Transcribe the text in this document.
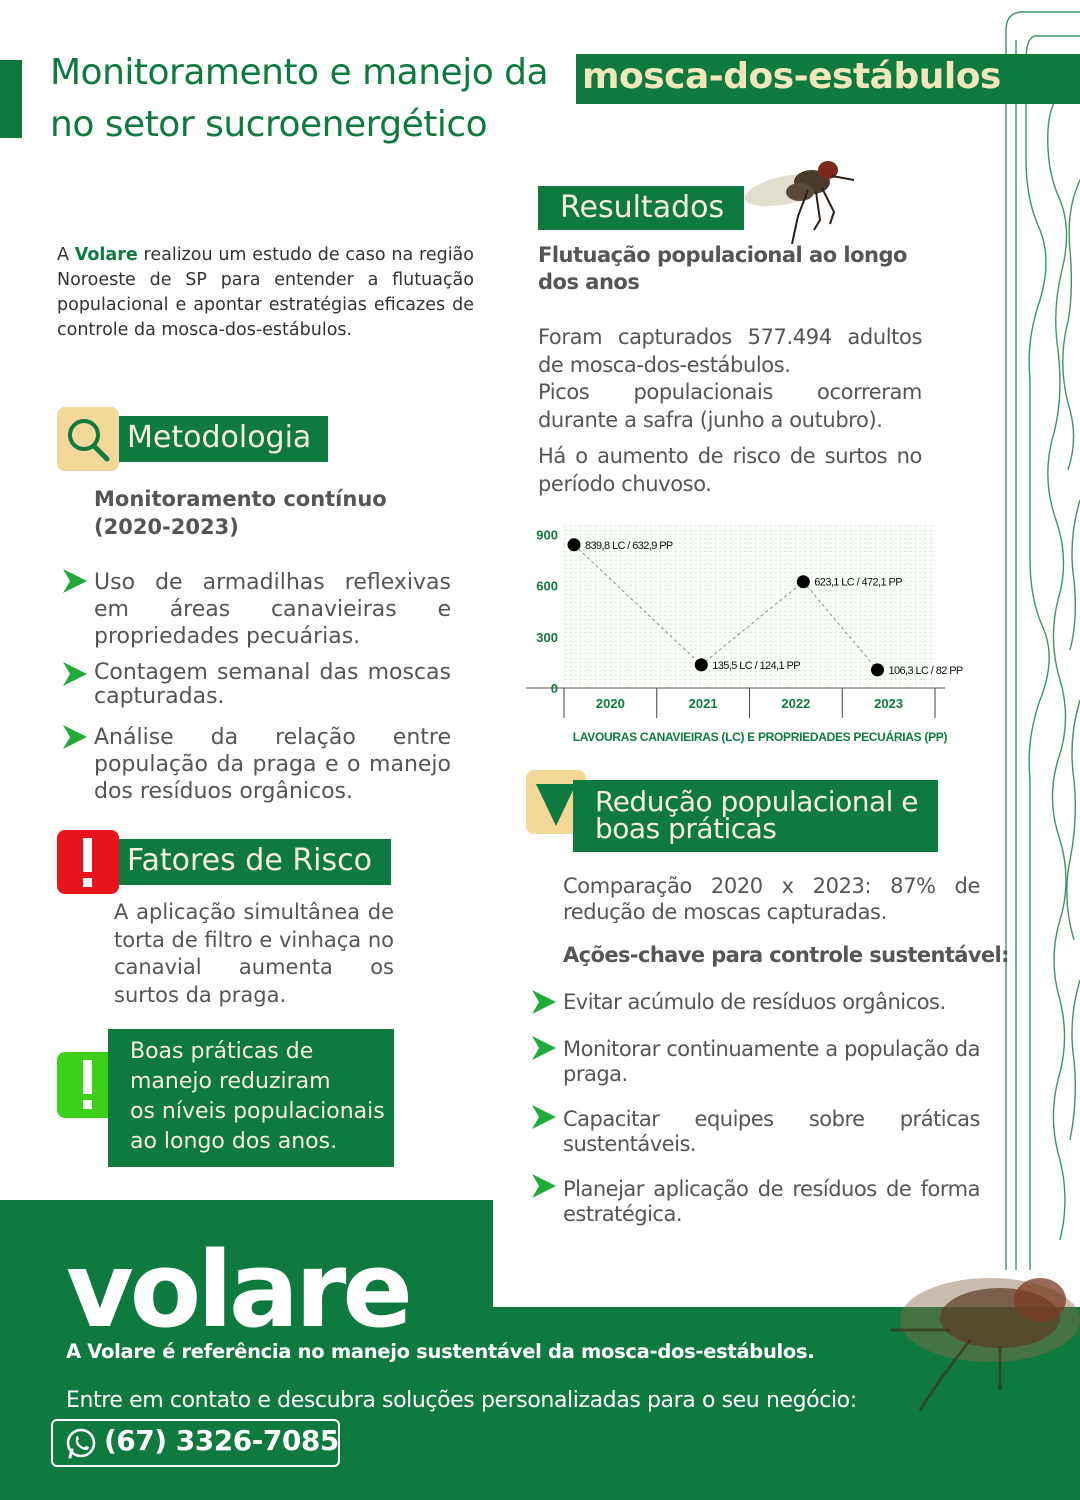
Monitoramento e manejo da mosca-dos-estábulos
no setor sucroenergético
A Volare realizou um estudo de caso na região Noroeste de SP para entender a flutuação populacional e apontar estratégias eficazes de controle da mosca-dos-estábulos.
Metodologia
Monitoramento contínuo (2020-2023)
Uso de armadilhas reflexivas em áreas canavieiras e propriedades pecuárias.
Contagem semanal das moscas capturadas.
Análise da relação entre população da praga e o manejo dos resíduos orgânicos.
Fatores de Risco
A aplicação simultânea de torta de filtro e vinhaça no canavial aumenta os surtos da praga.
Boas práticas de
manejo reduziram
os níveis populacionais
ao longo dos anos.
Resultados
Flutuação populacional ao longo dos anos
Foram capturados 577.494 adultos de mosca-dos-estábulos.
Picos populacionais ocorreram durante a safra (junho a outubro).
Há o aumento de risco de surtos no período chuvoso.
0
300
600
900
2020	2021	2022	2023
839,8 LC / 632,9 PP
135,5 LC / 124,1 PP
623,1 LC / 472,1 PP
106,3 LC / 82 PP
LAVOURAS CANAVIEIRAS (LC) E PROPRIEDADES PECUÁRIAS (PP)
Redução populacional e boas práticas
Comparação 2020 x 2023: 87% de redução de moscas capturadas.
Ações-chave para controle sustentável:
Evitar acúmulo de resíduos orgânicos.
Monitorar continuamente a população da praga.
Capacitar equipes sobre práticas sustentáveis.
Planejar aplicação de resíduos de forma estratégica.
volare
A Volare é referência no manejo sustentável da mosca-dos-estábulos.
Entre em contato e descubra soluções personalizadas para o seu negócio:
(67) 3326-7085
